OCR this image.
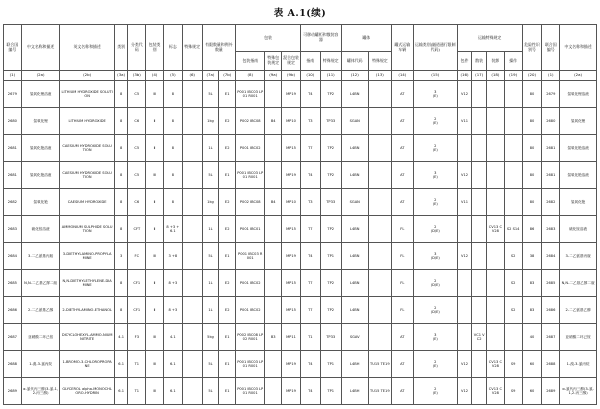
表 A.1(续)
联合国编号	中文名称和描述	英文名称和描述	类别	分类代码	包装类别	标志	特殊规定	有限数量和例外数量		包装			可移动罐柜和散装容器		罐体		罐式运输车辆	运输类别(隧道通行限制代码)	运输特殊规定				危险性识别号	联合国编号	中文名称和描述
										包装指南	特殊包装规定	混合包装规定	指南	特殊规定	罐体代码	特殊规定			包件	散装	装卸	操作			
(1)	(2a)	(2b)	(3a)	(3b)	(4)	(5)	(6)	(7a)	(7b)	(8)	(9a)	(9b)	(10)	(11)	(12)	(13)	(14)	(15)	(16)	(17)	(18)	(19)	(20)	(1)	(2a)
2679	氢氧化锂溶液	LITHIUM HYDROXIDE SOLUTION	8	C5	Ⅲ	8		5L	E1	P001 IBC03 LP01 R001		MP19	T4	TP2	L4BN		AT	3
(E)	V12				80	2679	氢氧化锂溶液
2680	氢氧化锂	LITHIUM HYDROXIDE	8	C6	Ⅱ	8		1kg	E2	P002 IBC08	B4	MP10	T3	TP33	SGAN		AT	2
(E)	V11				80	2680	氢氧化锂
2681	氢氧化铯溶液	CAESIUM HYDROXIDE SOLUTION	8	C5	Ⅱ	8		1L	E2	P001 IBC02		MP15	T7	TP2	L4BN		AT	2
(E)					80	2681	氢氧化铯溶液
2681	氢氧化铯溶液	CAESIUM HYDROXIDE SOLUTION	8	C5	Ⅲ	8		5L	E1	P001 IBC03 LP01 R001		MP19	T4	TP2	L4BN		AT	3
(E)	V12				80	2681	氢氧化铯溶液
2682	氢氧化铯	CAESIUM HYDROXIDE	8	C6	Ⅱ	8		1kg	E2	P002 IBC08	B4	MP10	T3	TP33	SGAN		AT	2
(E)	V11				80	2682	氢氧化铯
2683	硫化铵溶液	AMMONIUM SULPHIDE SOLUTION	8	CFT	Ⅱ	8 +3 + 6.1		1L	E2	P001 IBC01		MP15	T7	TP2	L4BN		FL	2
(D/E)			CV13 CV28	S2 S14	86	2683	硫化铵溶液
2684	3-二乙氨基丙胺	3-DIETHYLAMINO-PROPYLAMINE	3	FC	Ⅲ	3 +8		5L	E1	P001 IBC03 R001		MP19	T4	TP1	L4BN		FL	3
(D/E)	V12			S2	38	2684	3-二乙氨基丙胺
2685	N,N-二乙基乙撑二胺	N,N-DIETHYLETHYLENE-DIAMINE	8	CF1	Ⅱ	8 +3		1L	E2	P001 IBC02		MP15	T7	TP2	L4BN		FL	2
(D/E)				S2	83	2685	N,N-二乙基乙撑二胺
2686	2-二乙氨基乙醇	2-DIETHYLAMINO-ETHANOL	8	CF1	Ⅱ	8 +3		1L	E2	P001 IBC02		MP15	T7	TP2	L4BN		FL	2
(D/E)				S2	83	2686	2-二乙氨基乙醇
2687	亚硝酸二环己铵	DICYCLOHEXYL-AMMO-NIUMNITRITE	4.1	F3	Ⅲ	4.1		5kg	E1	P002 IBC08 LP02 R001	B3	MP11	T1	TP33	SGAV		AT	3
(E)		VC1 VC2			40	2687	亚硝酸二环己铵
2688	1-溴-3-氯丙烷	1-BROMO-3-CHLOROPROPANE	6.1	T1	Ⅲ	6.1		5L	E1	P001 IBC03 LP01 R001		MP19	T4	TP1	L4BH	TU15 TE19	AT	2
(E)	V12		CV13 CV28	S9	60	2688	1-溴-3-氯丙烷
2689	α-氯代丙三醇(3-氯-1,2-丙三醇)	GLYCEROL alpha-MONOCHLORO-HYDRIN	6.1	T1	Ⅲ	6.1		5L	E1	P001 IBC03 LP01 R001		MP19	T4	TP1	L4BH	TU15 TE19	AT	2
(E)	V12		CV13 CV28	S9	60	2689	α-氯代丙三醇(3-氯-1,2-丙三醇)
